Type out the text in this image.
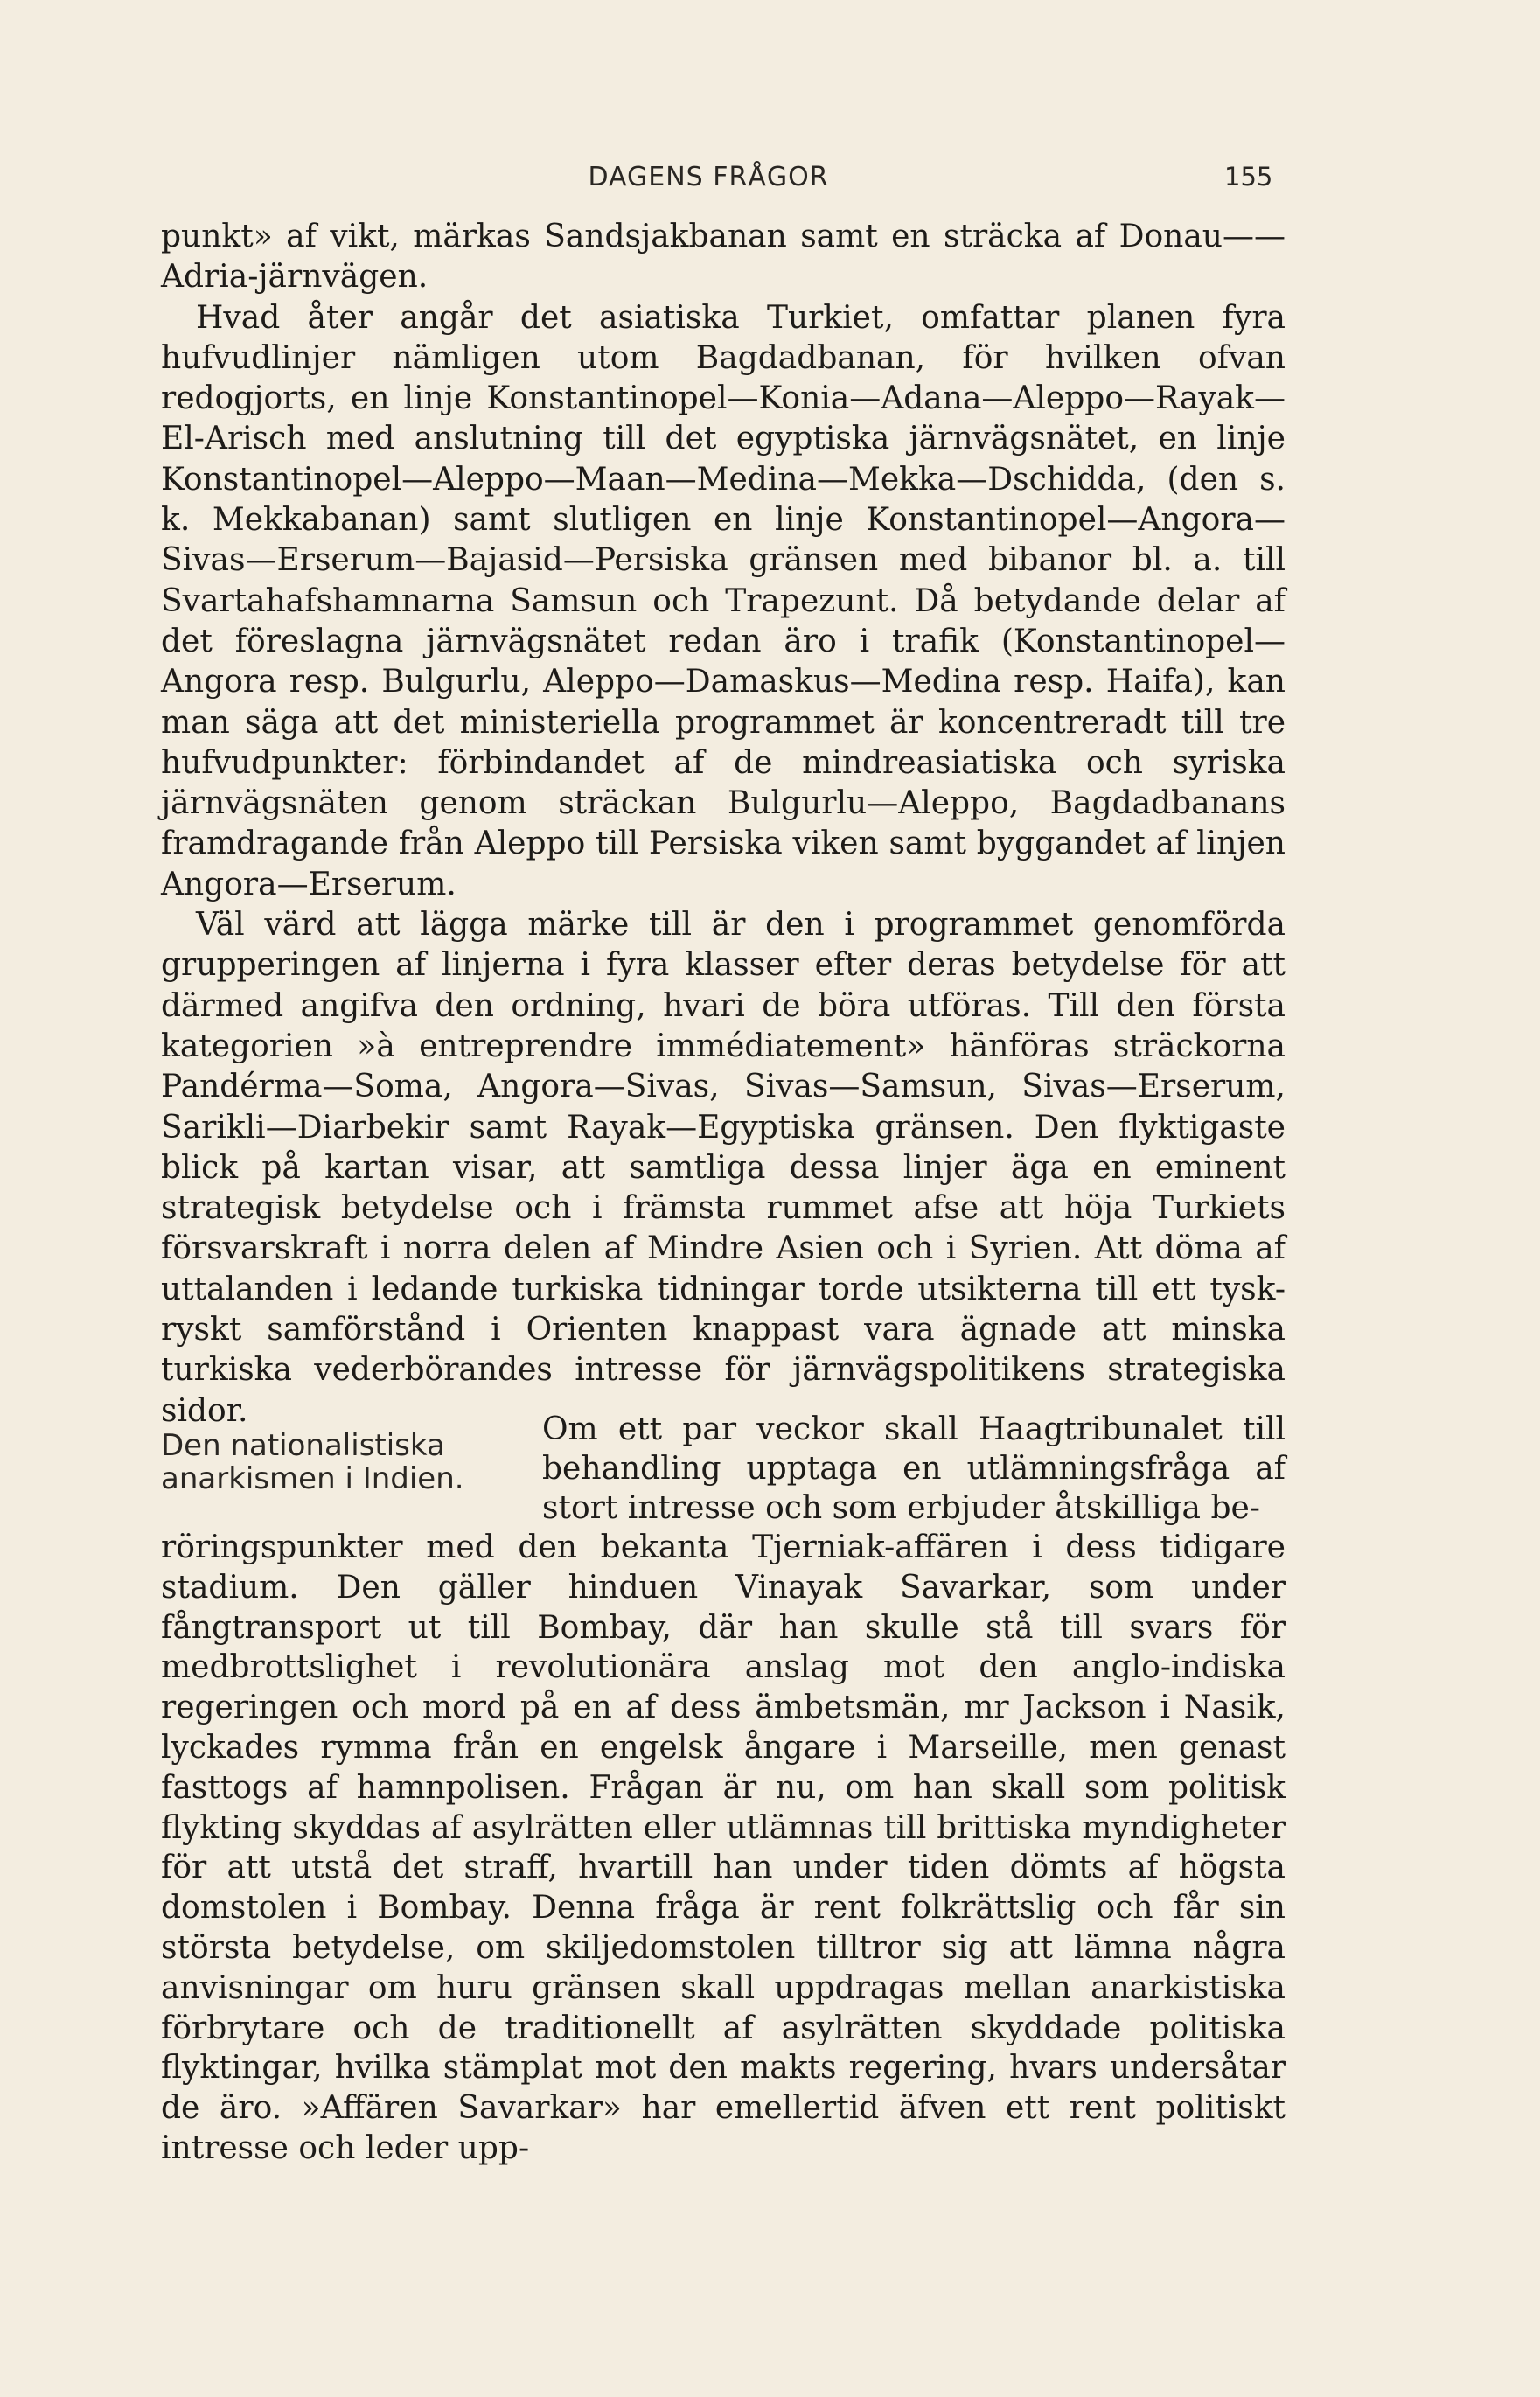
DAGENS FRÅGOR	155

punkt» af vikt, märkas Sandsjakbanan samt en sträcka af Donau——Adria-järnvägen.

Hvad åter angår det asiatiska Turkiet, omfattar planen fyra hufvudlinjer nämligen utom Bagdadbanan, för hvilken ofvan redogjorts, en linje Konstantinopel—Konia—Adana—Aleppo—Rayak—El-Arisch med anslutning till det egyptiska järnvägsnätet, en linje Konstantinopel—Aleppo—Maan—Medina—Mekka—Dschidda, (den s. k. Mekkabanan) samt slutligen en linje Konstantinopel—Angora—Sivas—Erserum—Bajasid—Persiska gränsen med bibanor bl. a. till Svartahafshamnarna Samsun och Trapezunt. Då betydande delar af det föreslagna järnvägsnätet redan äro i trafik (Konstantinopel—Angora resp. Bulgurlu, Aleppo—Damaskus—Medina resp. Haifa), kan man säga att det ministeriella programmet är koncentreradt till tre hufvudpunkter: förbindandet af de mindreasiatiska och syriska järnvägsnäten genom sträckan Bulgurlu—Aleppo, Bagdadbanans framdragande från Aleppo till Persiska viken samt byggandet af linjen Angora—Erserum.

Väl värd att lägga märke till är den i programmet genomförda grupperingen af linjerna i fyra klasser efter deras betydelse för att därmed angifva den ordning, hvari de böra utföras. Till den första kategorien »à entreprendre immédiatement» hänföras sträckorna Pandérma—Soma, Angora—Sivas, Sivas—Samsun, Sivas—Erserum, Sarikli—Diarbekir samt Rayak—Egyptiska gränsen. Den flyktigaste blick på kartan visar, att samtliga dessa linjer äga en eminent strategisk betydelse och i främsta rummet afse att höja Turkiets försvarskraft i norra delen af Mindre Asien och i Syrien. Att döma af uttalanden i ledande turkiska tidningar torde utsikterna till ett tysk-ryskt samförstånd i Orienten knappast vara ägnade att minska turkiska vederbörandes intresse för järnvägspolitikens strategiska sidor.

Den nationalistiska anarkismen i Indien.
Om ett par veckor skall Haagtribunalet till behandling upptaga en utlämningsfråga af stort intresse och som erbjuder åtskilliga be-
röringspunkter med den bekanta Tjerniak-affären i dess tidigare stadium. Den gäller hinduen Vinayak Savarkar, som under fångtransport ut till Bombay, där han skulle stå till svars för medbrottslighet i revolutionära anslag mot den anglo-indiska regeringen och mord på en af dess ämbetsmän, mr Jackson i Nasik, lyckades rymma från en engelsk ångare i Marseille, men genast fasttogs af hamnpolisen. Frågan är nu, om han skall som politisk flykting skyddas af asylrätten eller utlämnas till brittiska myndigheter för att utstå det straff, hvartill han under tiden dömts af högsta domstolen i Bombay. Denna fråga är rent folkrättslig och får sin största betydelse, om skiljedomstolen tilltror sig att lämna några anvisningar om huru gränsen skall uppdragas mellan anarkistiska förbrytare och de traditionellt af asylrätten skyddade politiska flyktingar, hvilka stämplat mot den makts regering, hvars undersåtar de äro. »Affären Savarkar» har emellertid äfven ett rent politiskt intresse och leder upp-
